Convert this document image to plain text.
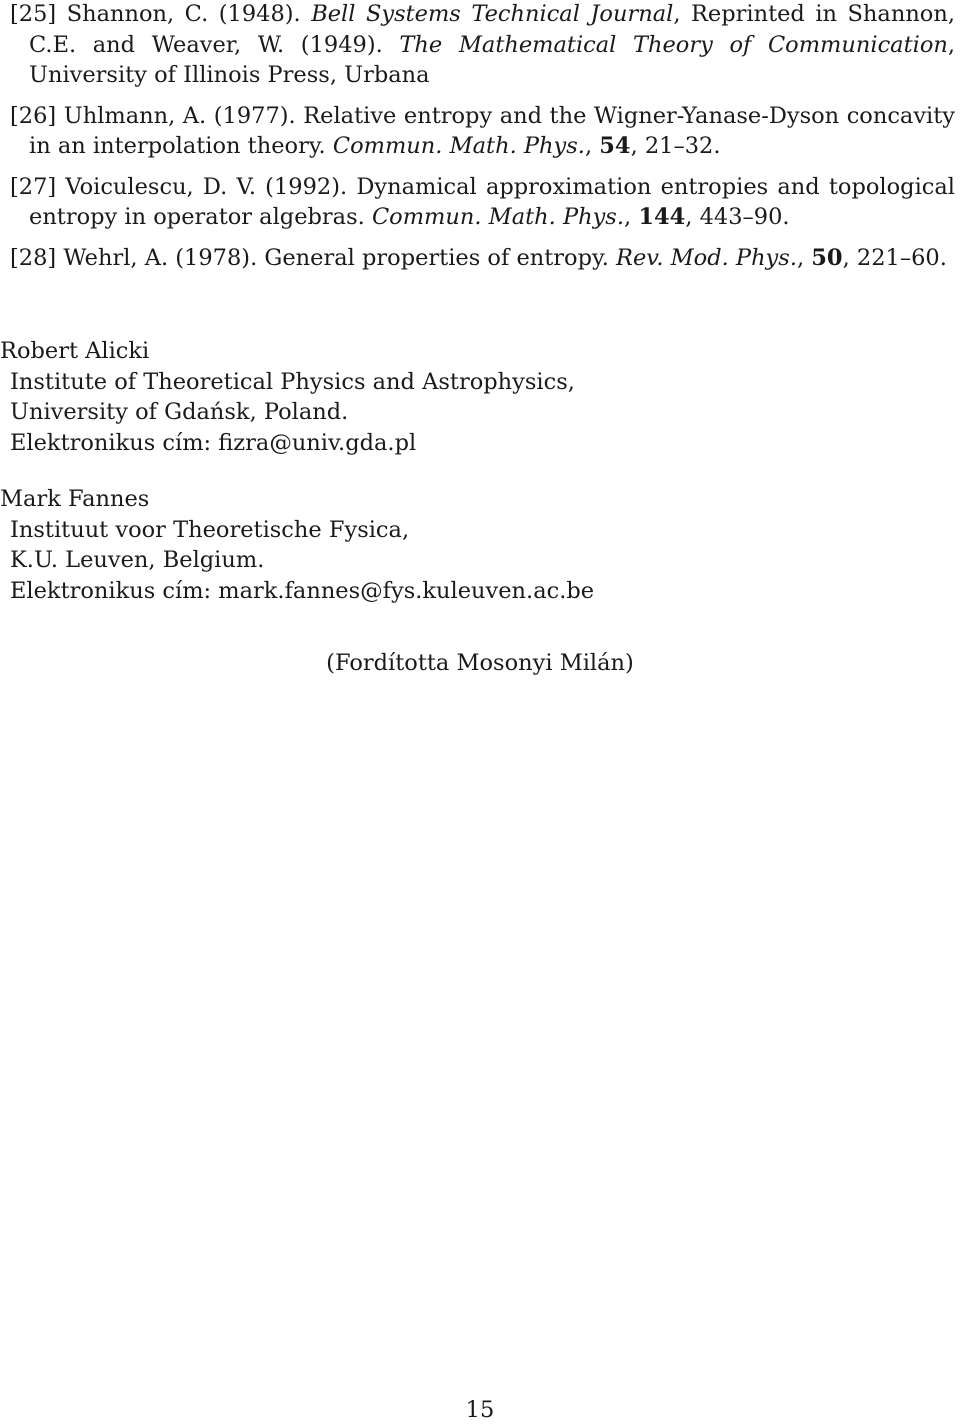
[25] Shannon, C. (1948). Bell Systems Technical Journal, Reprinted in Shannon, C.E. and Weaver, W. (1949). The Mathematical Theory of Communication, University of Illinois Press, Urbana
[26] Uhlmann, A. (1977). Relative entropy and the Wigner-Yanase-Dyson concavity in an interpolation theory. Commun. Math. Phys., 54, 21–32.
[27] Voiculescu, D. V. (1992). Dynamical approximation entropies and topological entropy in operator algebras. Commun. Math. Phys., 144, 443–90.
[28] Wehrl, A. (1978). General properties of entropy. Rev. Mod. Phys., 50, 221–60.
Robert Alicki
Institute of Theoretical Physics and Astrophysics,
University of Gdańsk, Poland.
Elektronikus cím: fizra@univ.gda.pl
Mark Fannes
Instituut voor Theoretische Fysica,
K.U. Leuven, Belgium.
Elektronikus cím: mark.fannes@fys.kuleuven.ac.be
(Fordította Mosonyi Milán)
15
